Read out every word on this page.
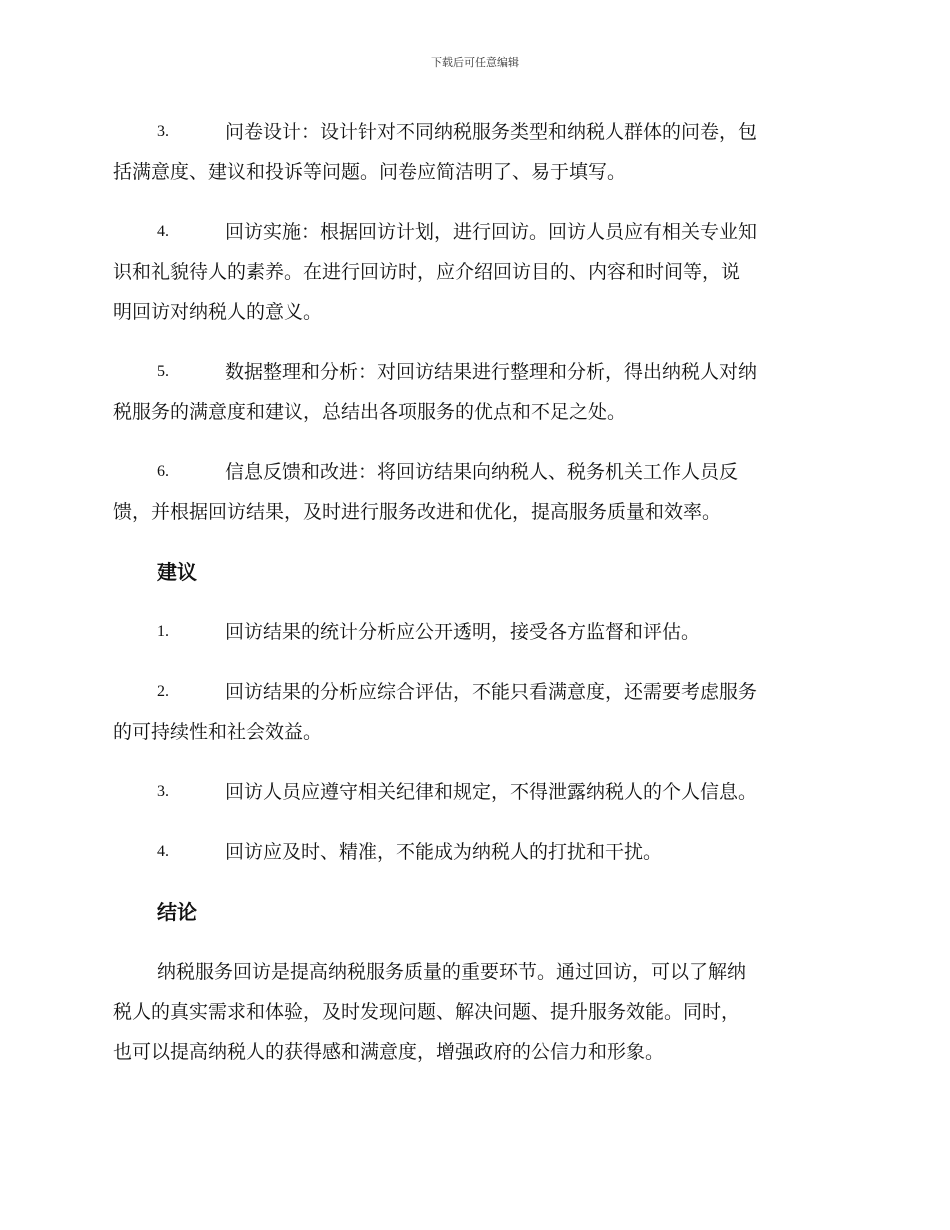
下载后可任意编辑
3.	问卷设计：设计针对不同纳税服务类型和纳税人群体的问卷，包
括满意度、建议和投诉等问题。问卷应简洁明了、易于填写。
4.	回访实施：根据回访计划，进行回访。回访人员应有相关专业知
识和礼貌待人的素养。在进行回访时，应介绍回访目的、内容和时间等，说
明回访对纳税人的意义。
5.	数据整理和分析：对回访结果进行整理和分析，得出纳税人对纳
税服务的满意度和建议，总结出各项服务的优点和不足之处。
6.	信息反馈和改进：将回访结果向纳税人、税务机关工作人员反
馈，并根据回访结果，及时进行服务改进和优化，提高服务质量和效率。
建议
1.	回访结果的统计分析应公开透明，接受各方监督和评估。
2.	回访结果的分析应综合评估，不能只看满意度，还需要考虑服务
的可持续性和社会效益。
3.	回访人员应遵守相关纪律和规定，不得泄露纳税人的个人信息。
4.	回访应及时、精准，不能成为纳税人的打扰和干扰。
结论
纳税服务回访是提高纳税服务质量的重要环节。通过回访，可以了解纳
税人的真实需求和体验，及时发现问题、解决问题、提升服务效能。同时，
也可以提高纳税人的获得感和满意度，增强政府的公信力和形象。
